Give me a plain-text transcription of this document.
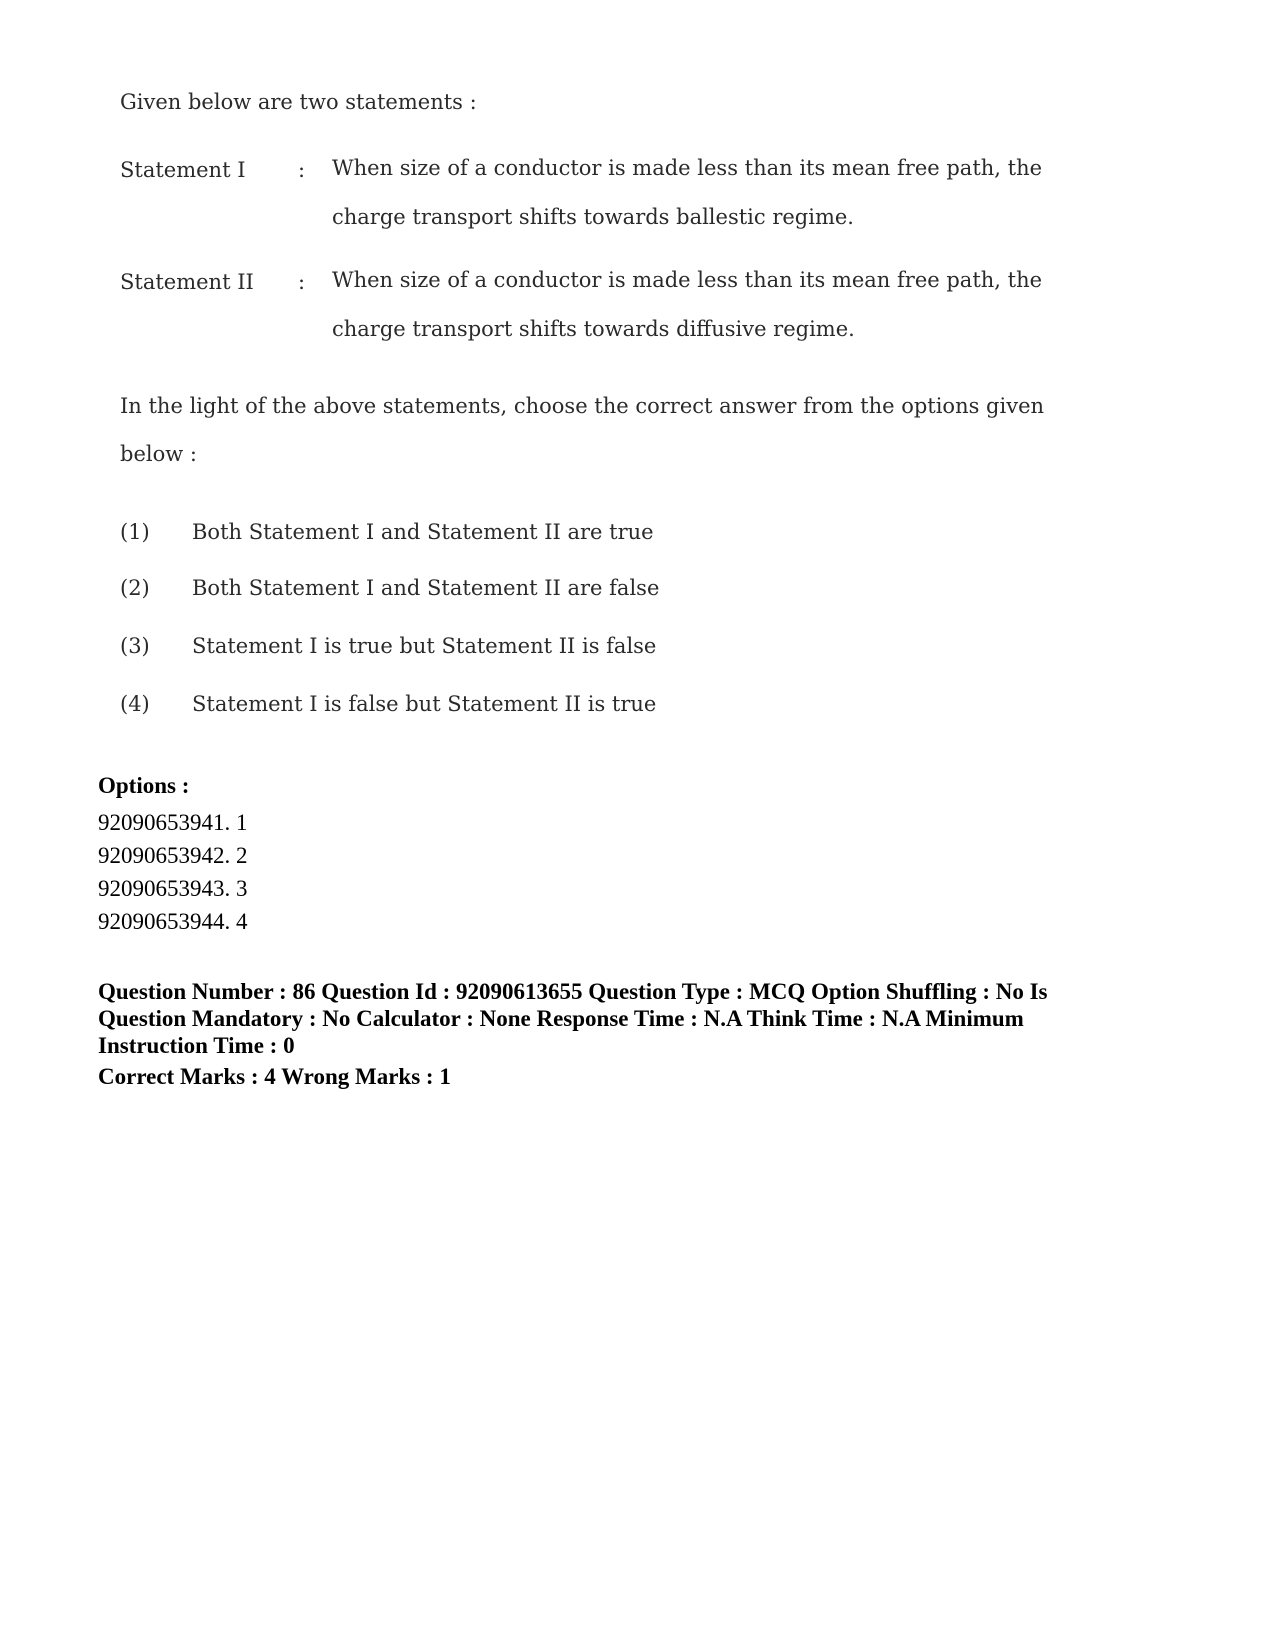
Given below are two statements :
Statement I	: When size of a conductor is made less than its mean free path, the charge transport shifts towards ballestic regime.
Statement II : When size of a conductor is made less than its mean free path, the charge transport shifts towards diffusive regime.
In the light of the above statements, choose the correct answer from the options given below :
(1) Both Statement I and Statement II are true
(2) Both Statement I and Statement II are false
(3) Statement I is true but Statement II is false
(4) Statement I is false but Statement II is true
Options :
92090653941. 1
92090653942. 2
92090653943. 3
92090653944. 4
Question Number : 86 Question Id : 92090613655 Question Type : MCQ Option Shuffling : No Is Question Mandatory : No Calculator : None Response Time : N.A Think Time : N.A Minimum Instruction Time : 0
Correct Marks : 4 Wrong Marks : 1
